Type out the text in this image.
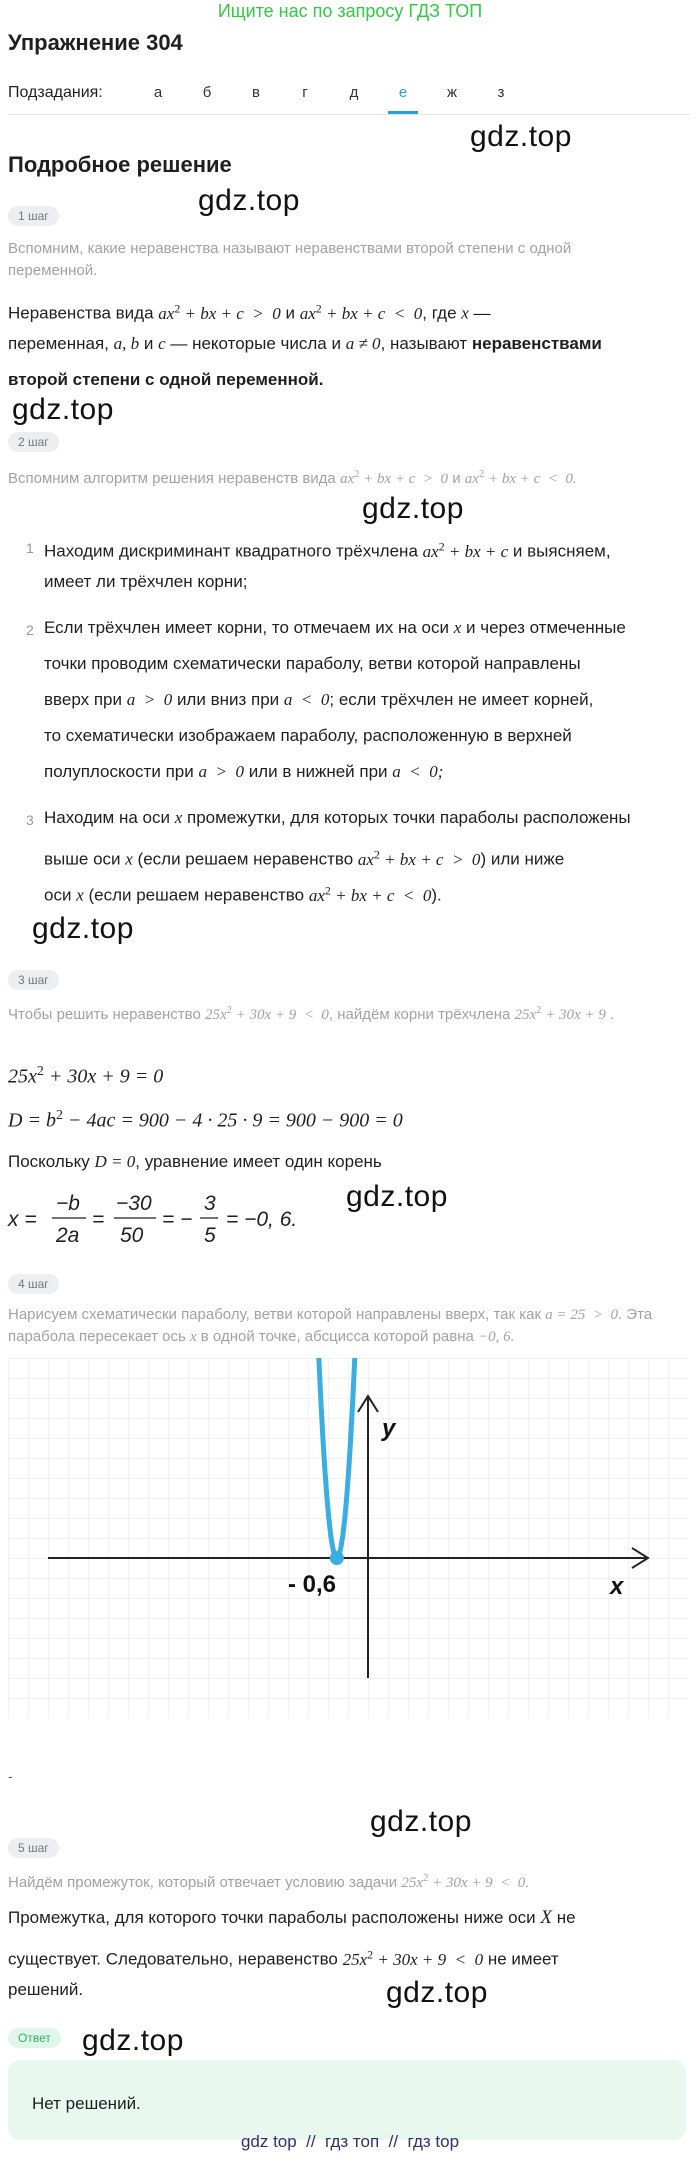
Ищите нас по запросу ГДЗ ТОП
Упражнение 304
Подзадания:	а	б	в	г	д	е	ж	з
gdz.top
gdz.top
gdz.top
gdz.top
gdz.top
gdz.top
gdz.top
gdz.top
gdz.top
Подробное решение
1 шаг
Вспомним, какие неравенства называют неравенствами второй степени с одной переменной.
Неравенства вида $ax^2$ + bx + c  >  0 и $ax^2$ + bx + c  <  0, где x —
переменная, a, b и c — некоторые числа и a ≠ 0, называют неравенствами
второй степени с одной переменной.
2 шаг
Вспомним алгоритм решения неравенств вида $ax^2$ + bx + c  >  0 и $ax^2$ + bx + c  <  0.
1 Находим дискриминант квадратного трёхчлена $ax^2$ + bx + c и выясняем,
имеет ли трёхчлен корни;
2 Если трёхчлен имеет корни, то отмечаем их на оси x и через отмеченные
точки проводим схематически параболу, ветви которой направлены
вверх при a  >  0 или вниз при a  <  0; если трёхчлен не имеет корней,
то схематически изображаем параболу, расположенную в верхней
полуплоскости при a  >  0 или в нижней при a  <  0;
3 Находим на оси x промежутки, для которых точки параболы расположены
выше оси x (если решаем неравенство $ax^2$ + bx + c  >  0) или ниже
оси x (если решаем неравенство $ax^2$ + bx + c  <  0).
3 шаг
Чтобы решить неравенство $25x^2 + 30x + 9 < 0$, найдём корни трёхчлена $25x^2 + 30x + 9$ .
$25x^2 + 30x + 9 = 0$
$D = b^2 - 4ac = 900 - 4 \cdot 25 \cdot 9 = 900 - 900 = 0$
Поскольку D = 0, уравнение имеет один корень
x =
−b
2a
=
−30
50
= −
3
5
= −0, 6.
4 шаг
Нарисуем схематически параболу, ветви которой направлены вверх, так как a = 25  >  0. Эта парабола пересекает ось x в одной точке, абсцисса которой равна −0, 6.
x
y
- 0,6
-
5 шаг
Найдём промежуток, который отвечает условию задачи $25x^2 + 30x + 9 < 0$.
Промежутка, для которого точки параболы расположены ниже оси X не
существует. Следовательно, неравенство $25x^2 + 30x + 9 < 0$ не имеет
решений.
Ответ
Нет решений.
gdz top  //  гдз топ  //  гдз top
